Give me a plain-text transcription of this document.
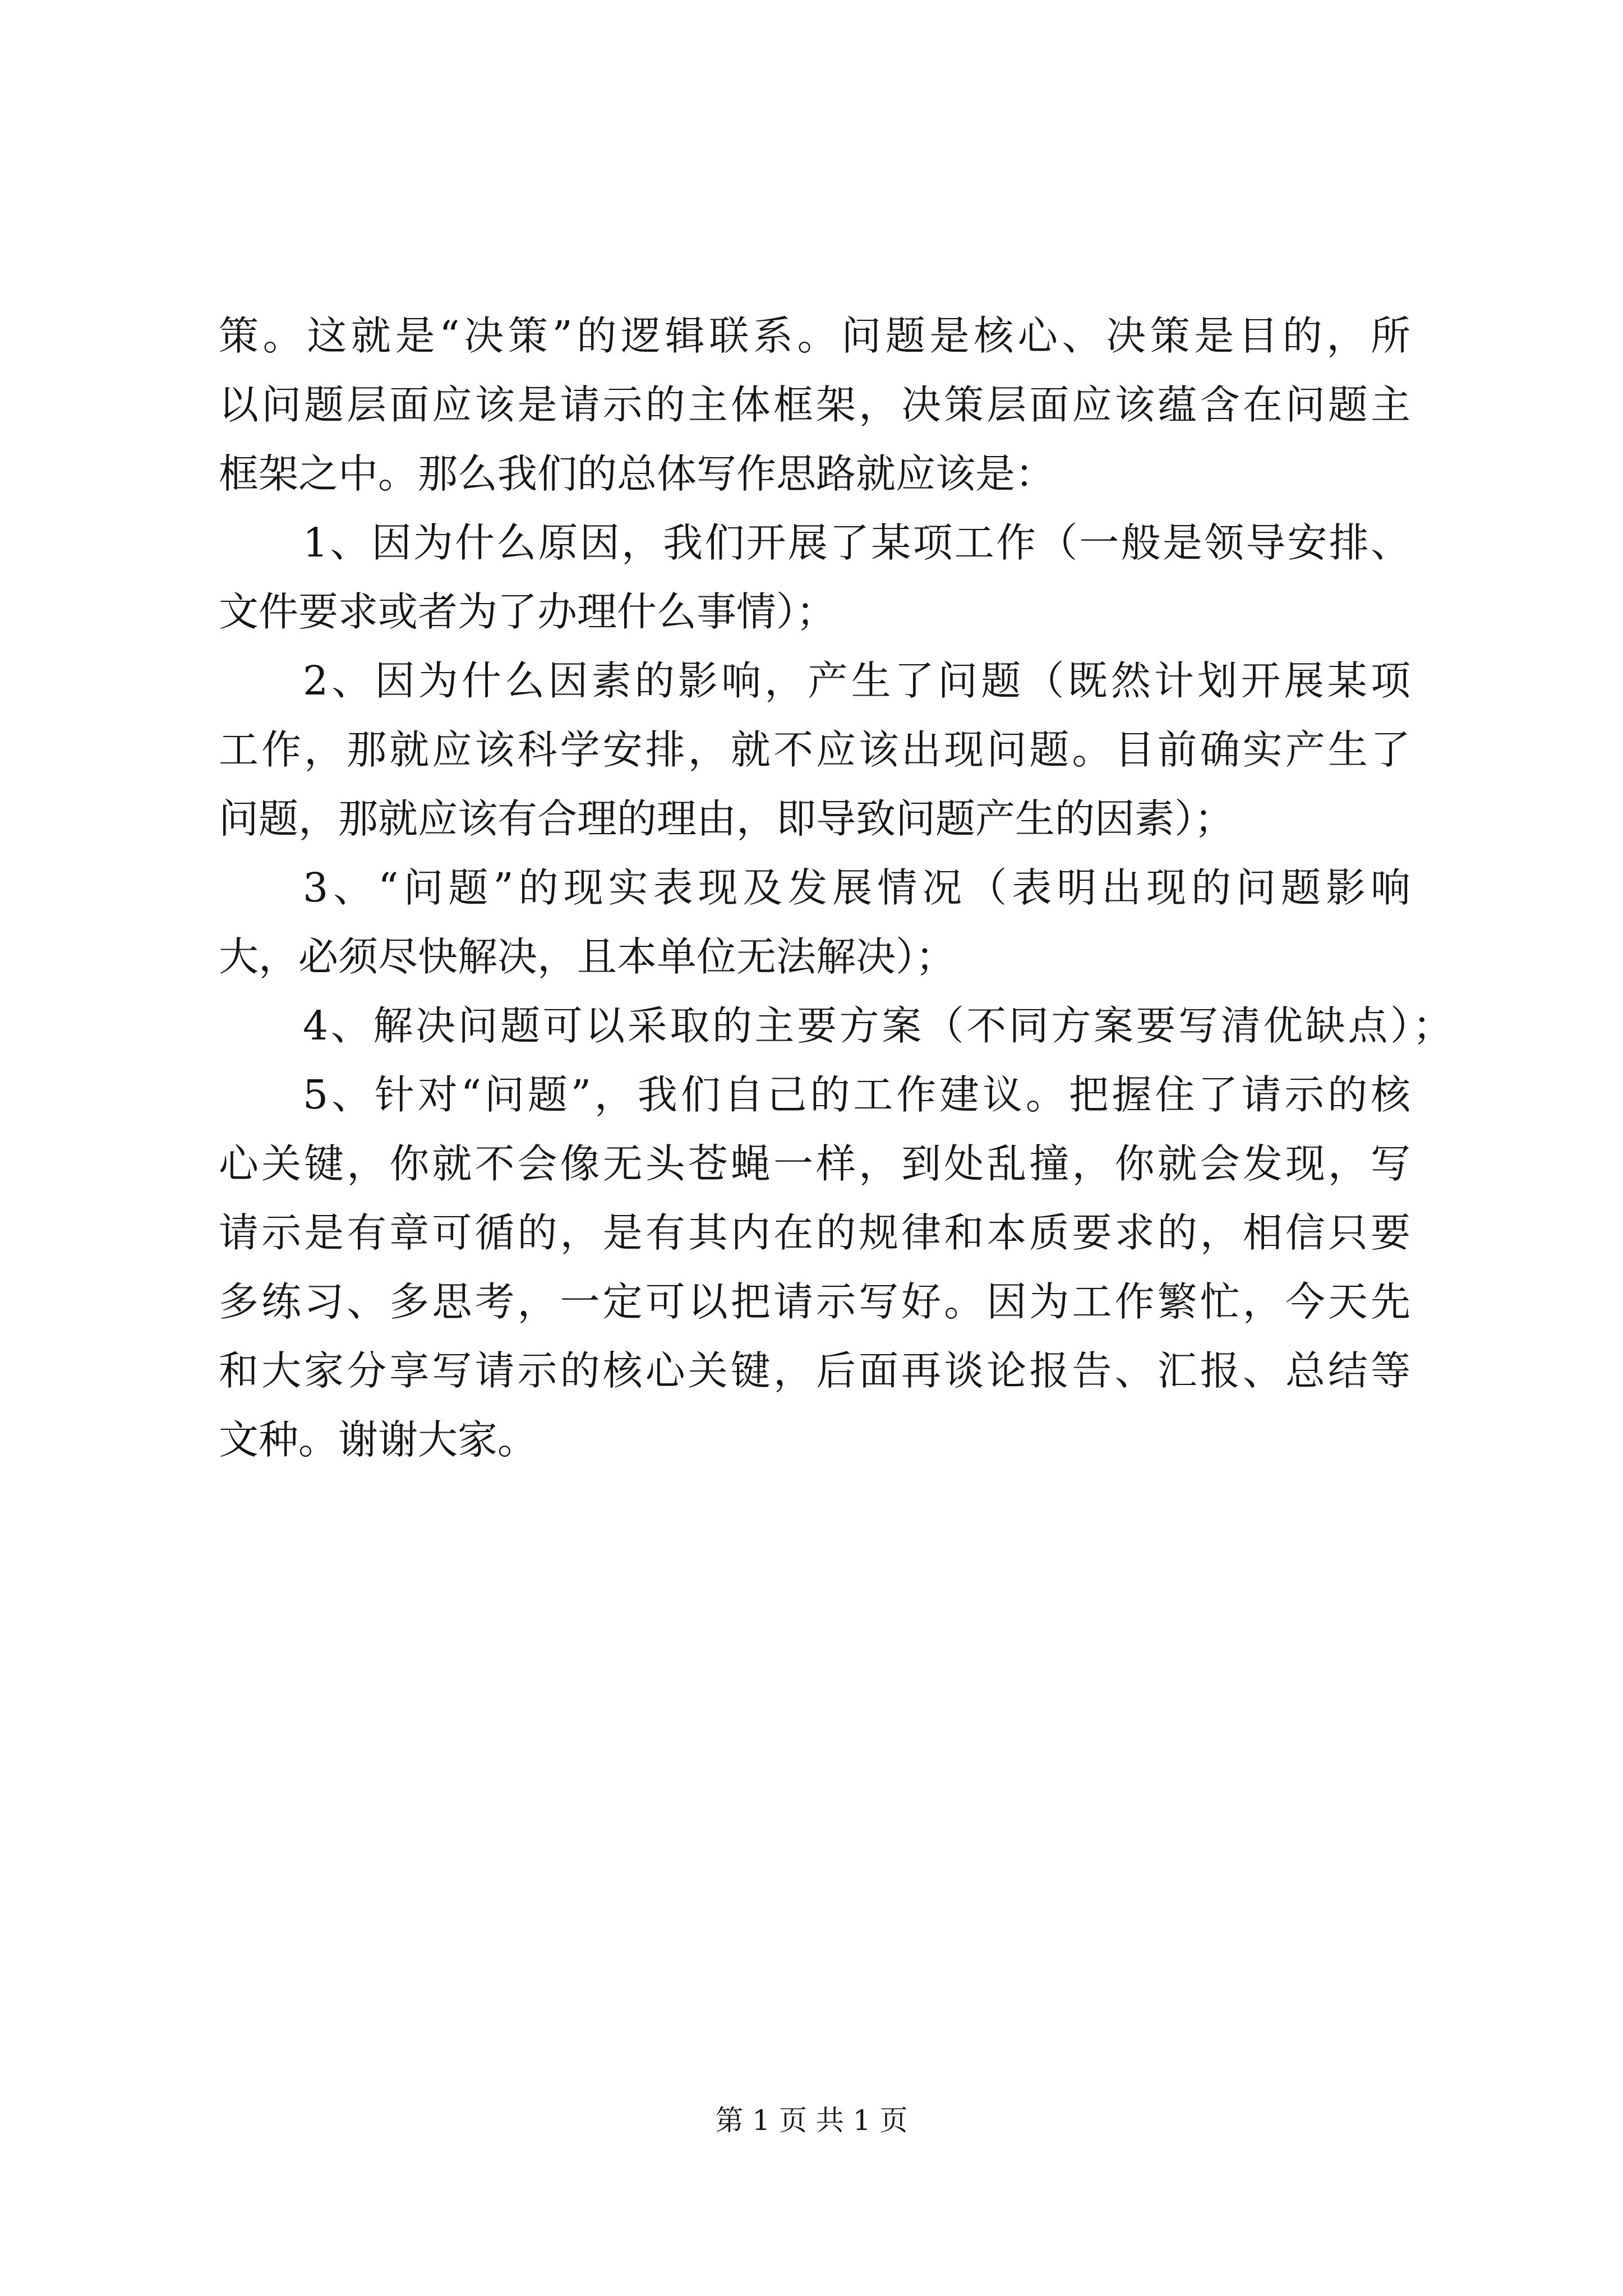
策。这就是“决策”的逻辑联系。问题是核心、决策是目的，所
以问题层面应该是请示的主体框架，决策层面应该蕴含在问题主
框架之中。那么我们的总体写作思路就应该是：
1、因为什么原因，我们开展了某项工作（一般是领导安排、
文件要求或者为了办理什么事情）；
2、因为什么因素的影响，产生了问题（既然计划开展某项
工作，那就应该科学安排，就不应该出现问题。目前确实产生了
问题，那就应该有合理的理由，即导致问题产生的因素）；
3、“问题”的现实表现及发展情况（表明出现的问题影响
大，必须尽快解决，且本单位无法解决）；
4、解决问题可以采取的主要方案（不同方案要写清优缺点）；
5、针对“问题”，我们自己的工作建议。把握住了请示的核
心关键，你就不会像无头苍蝇一样，到处乱撞，你就会发现，写
请示是有章可循的，是有其内在的规律和本质要求的，相信只要
多练习、多思考，一定可以把请示写好。因为工作繁忙，今天先
和大家分享写请示的核心关键，后面再谈论报告、汇报、总结等
文种。谢谢大家。
第 1 页 共 1 页
